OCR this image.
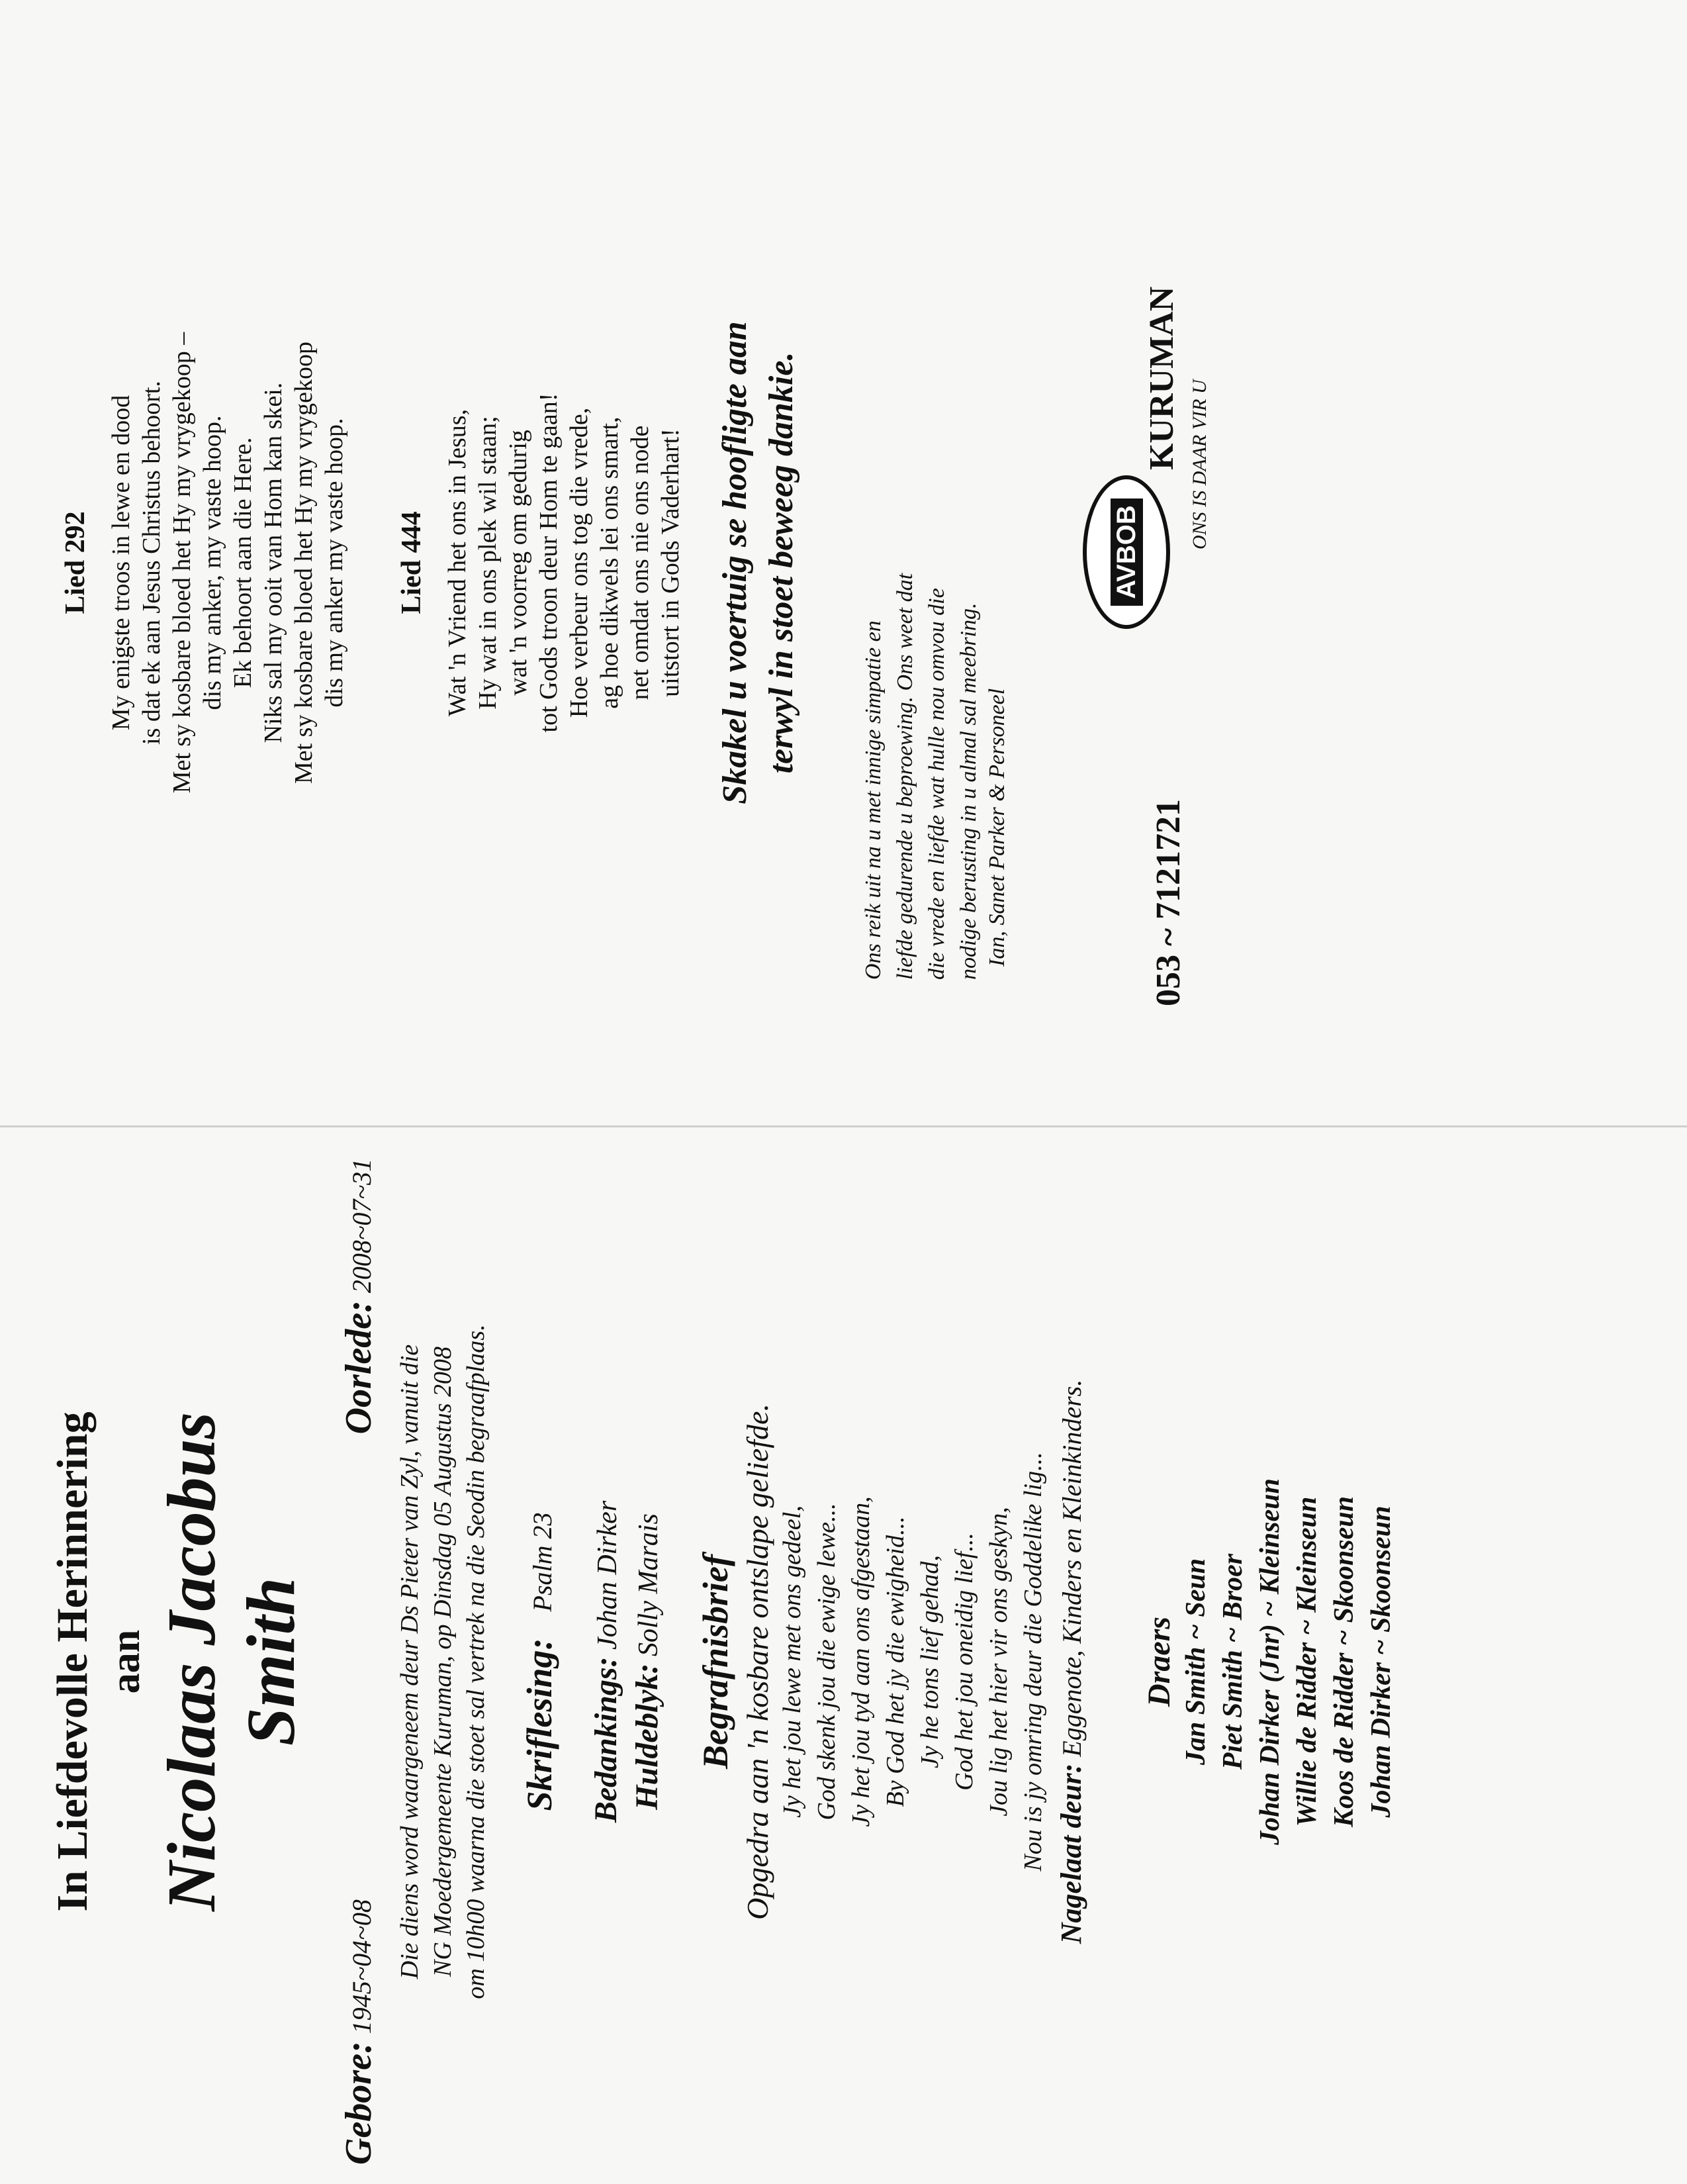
In Liefdevolle Herinnering aan Nicolaas Jacobus Smith
Gebore: 1945~04~08
Oorlede: 2008~07~31
Die diens word waargeneem deur Ds Pieter van Zyl, vanuit die NG Moedergemeente Kuruman, op Dinsdag 05 Augustus 2008 om 10h00 waarna die stoet sal vertrek na die Seodin begraafplaas. Skriflesing: Psalm 23
Bedankings: Johan Dirker
Huldeblyk: Solly Marais Begrafnisbrief Opgedra aan 'n kosbare ontslape geliefde. Jy het jou lewe met ons gedeel, God skenk jou die ewige lewe... Jy het jou tyd aan ons afgestaan, By God het jy die ewigheid... Jy he tons lief gehad, God het jou oneidig lief... Jou lig het hier vir ons geskyn, Nou is jy omring deur die Goddelike lig... Nagelaat deur: Eggenote, Kinders en Kleinkinders. Draers Jan Smith ~ Seun Piet Smith ~ Broer Johan Dirker (Jnr) ~ Kleinseun Willie de Ridder ~ Kleinseun Koos de Ridder ~ Skoonseun Johan Dirker ~ Skoonseun
Lied 292 My enigste troos in lewe en dood is dat ek aan Jesus Christus behoort. Met sy kosbare bloed het Hy my vrygekoop – dis my anker, my vaste hoop. Ek behoort aan die Here. Niks sal my ooit van Hom kan skei. Met sy kosbare bloed het Hy my vrygekoop dis my anker my vaste hoop. Lied 444 Wat 'n Vriend het ons in Jesus, Hy wat in ons plek wil staan; wat 'n voorreg om gedurig tot Gods troon deur Hom te gaan! Hoe verbeur ons tog die vrede, ag hoe dikwels lei ons smart, net omdat ons nie ons node uitstort in Gods Vaderhart! Skakel u voertuig se hoofligte aan terwyl in stoet beweeg dankie.
Ons reik uit na u met innige simpatie en liefde gedurende u beproewing. Ons weet dat die vrede en liefde wat hulle nou omvou die nodige berusting in u almal sal meebring. Ian, Sanet Parker & Personeel	053 ~ 7121721
AVBOB
KURUMAN ONS IS DAAR VIR U
